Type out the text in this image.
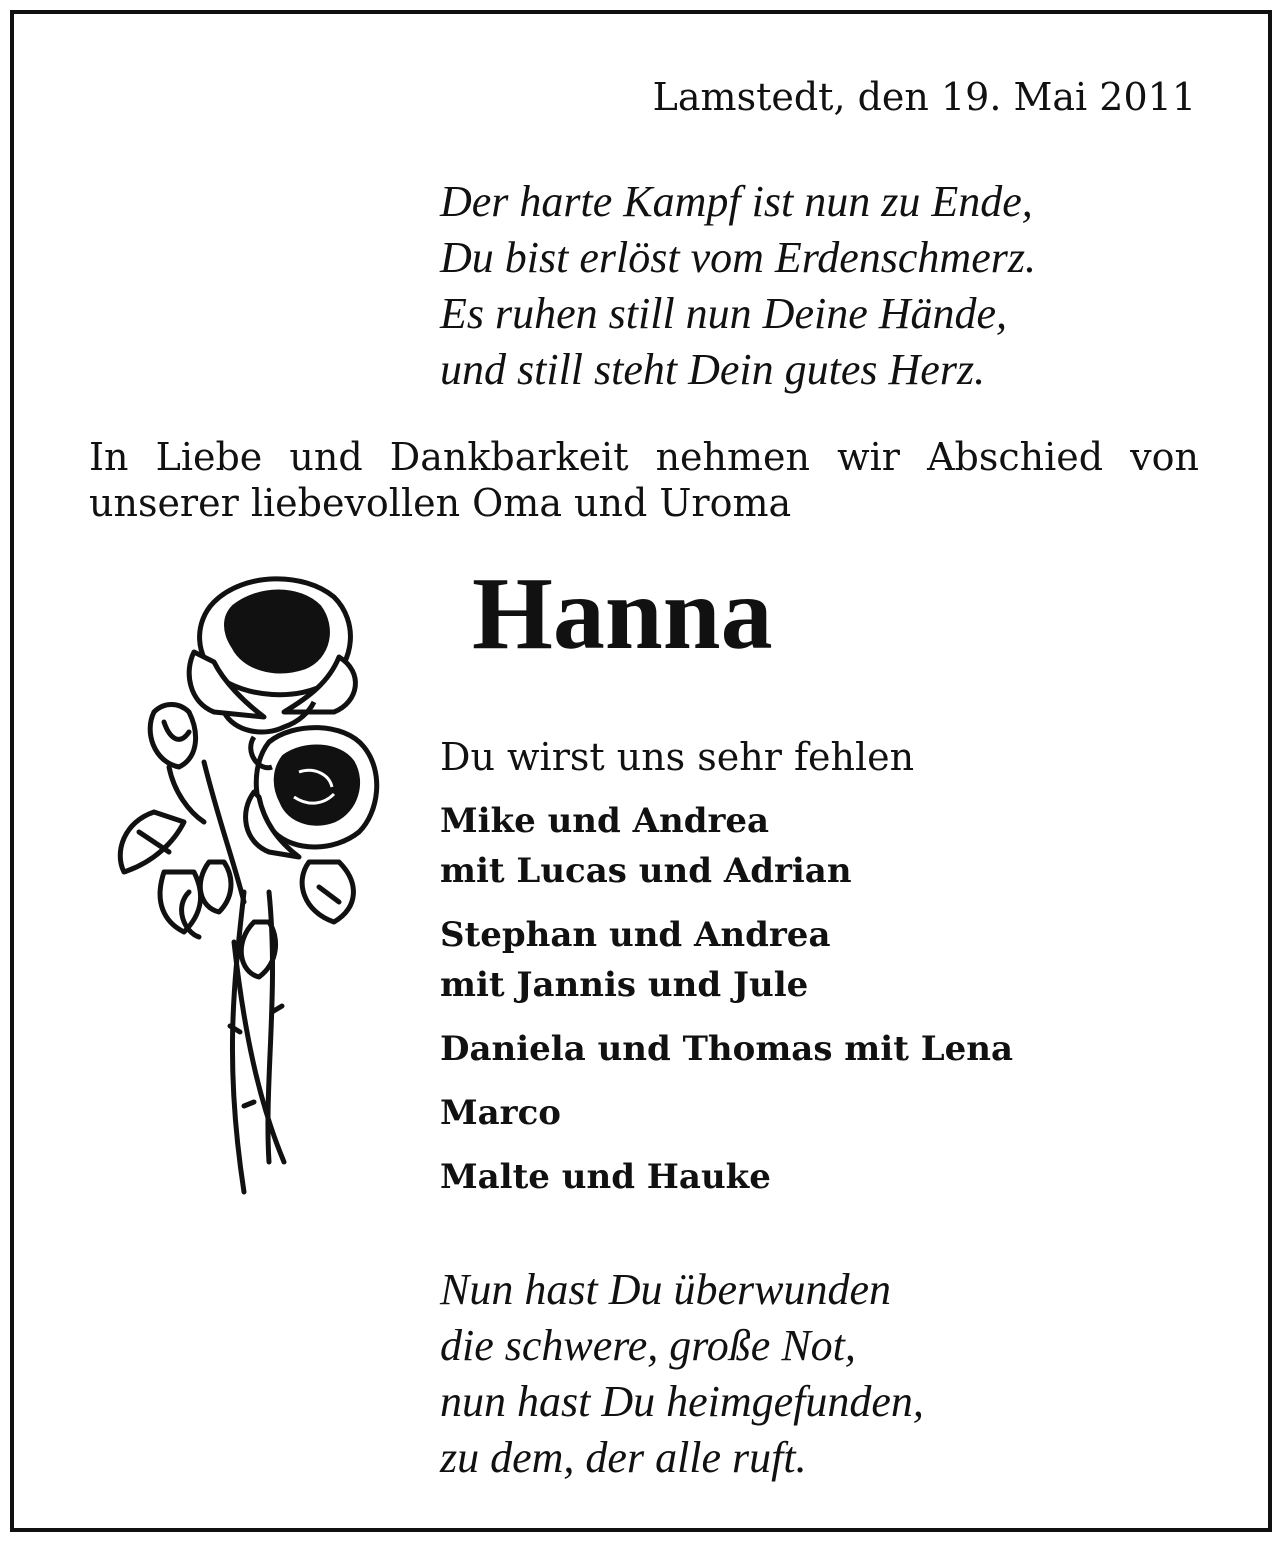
Lamstedt, den 19. Mai 2011
Der harte Kampf ist nun zu Ende,
Du bist erlöst vom Erdenschmerz.
Es ruhen still nun Deine Hände,
und still steht Dein gutes Herz.
In Liebe und Dankbarkeit nehmen wir Abschied von
unserer liebevollen Oma und Uroma
Hanna
Du wirst uns sehr fehlen
Mike und Andrea
mit Lucas und Adrian
Stephan und Andrea
mit Jannis und Jule
Daniela und Thomas mit Lena
Marco
Malte und Hauke
Nun hast Du überwunden
die schwere, große Not,
nun hast Du heimgefunden,
zu dem, der alle ruft.
